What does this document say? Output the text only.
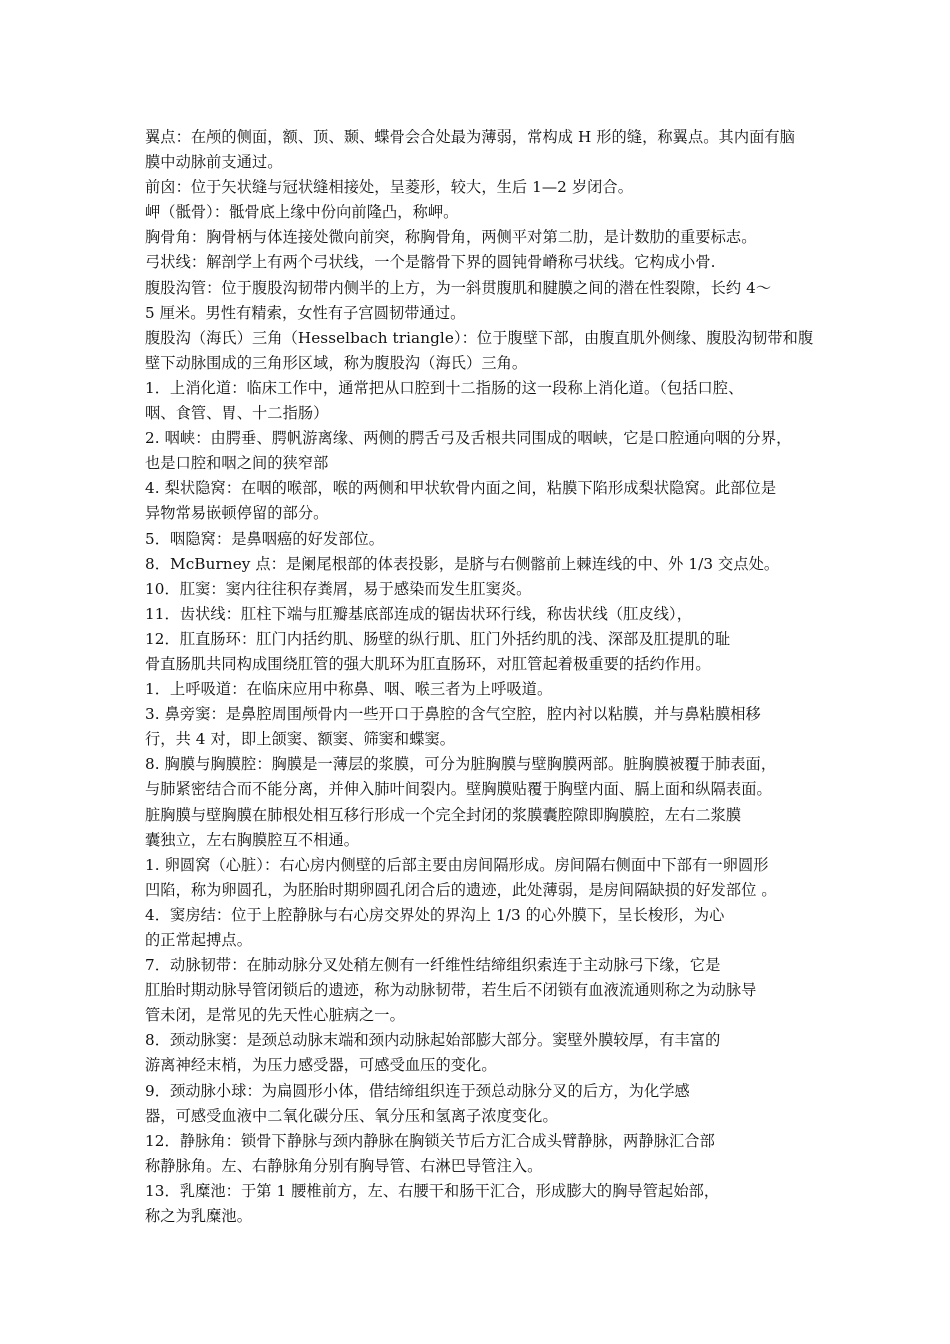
翼点：在颅的侧面，额、顶、颞、蝶骨会合处最为薄弱，常构成 H 形的缝，称翼点。其内面有脑
膜中动脉前支通过。
前囟：位于矢状缝与冠状缝相接处，呈菱形，较大，生后 1—2 岁闭合。
岬（骶骨）：骶骨底上缘中份向前隆凸，称岬。
胸骨角：胸骨柄与体连接处微向前突，称胸骨角，两侧平对第二肋，是计数肋的重要标志。
弓状线：解剖学上有两个弓状线，一个是髂骨下界的圆钝骨嵴称弓状线。它构成小骨.
腹股沟管：位于腹股沟韧带内侧半的上方，为一斜贯腹肌和腱膜之间的潜在性裂隙，长约 4～
5 厘米。男性有精索，女性有子宫圆韧带通过。
腹股沟（海氏）三角（Hesselbach triangle）：位于腹壁下部，由腹直肌外侧缘、腹股沟韧带和腹
壁下动脉围成的三角形区域，称为腹股沟（海氏）三角。
1．上消化道：临床工作中，通常把从口腔到十二指肠的这一段称上消化道。（包括口腔、
咽、食管、胃、十二指肠）
2. 咽峡：由腭垂、腭帆游离缘、两侧的腭舌弓及舌根共同围成的咽峡，它是口腔通向咽的分界，
也是口腔和咽之间的狭窄部
4. 梨状隐窝：在咽的喉部，喉的两侧和甲状软骨内面之间，粘膜下陷形成梨状隐窝。此部位是
异物常易嵌顿停留的部分。
5．咽隐窝：是鼻咽癌的好发部位。
8．McBurney 点：是阑尾根部的体表投影，是脐与右侧髂前上棘连线的中、外 1/3 交点处。
10．肛窦：窦内往往积存粪屑，易于感染而发生肛窦炎。
11．齿状线：肛柱下端与肛瓣基底部连成的锯齿状环行线，称齿状线（肛皮线），
12．肛直肠环：肛门内括约肌、肠壁的纵行肌、肛门外括约肌的浅、深部及肛提肌的耻
骨直肠肌共同构成围绕肛管的强大肌环为肛直肠环，对肛管起着极重要的括约作用。
1．上呼吸道：在临床应用中称鼻、咽、喉三者为上呼吸道。
3. 鼻旁窦：是鼻腔周围颅骨内一些开口于鼻腔的含气空腔，腔内衬以粘膜，并与鼻粘膜相移
行，共 4 对，即上颌窦、额窦、筛窦和蝶窦。
8. 胸膜与胸膜腔：胸膜是一薄层的浆膜，可分为脏胸膜与壁胸膜两部。脏胸膜被覆于肺表面，
与肺紧密结合而不能分离，并伸入肺叶间裂内。壁胸膜贴覆于胸壁内面、膈上面和纵隔表面。
脏胸膜与壁胸膜在肺根处相互移行形成一个完全封闭的浆膜囊腔隙即胸膜腔，左右二浆膜
囊独立，左右胸膜腔互不相通。
1. 卵圆窝（心脏）：右心房内侧壁的后部主要由房间隔形成。房间隔右侧面中下部有一卵圆形
凹陷，称为卵圆孔，为胚胎时期卵圆孔闭合后的遗迹，此处薄弱，是房间隔缺损的好发部位 。
4．窦房结：位于上腔静脉与右心房交界处的界沟上 1/3 的心外膜下，呈长梭形，为心
的正常起搏点。
7．动脉韧带：在肺动脉分叉处稍左侧有一纤维性结缔组织索连于主动脉弓下缘，它是
肛胎时期动脉导管闭锁后的遗迹，称为动脉韧带，若生后不闭锁有血液流通则称之为动脉导
管未闭，是常见的先天性心脏病之一。
8．颈动脉窦：是颈总动脉末端和颈内动脉起始部膨大部分。窦壁外膜较厚，有丰富的
游离神经末梢，为压力感受器，可感受血压的变化。
9．颈动脉小球：为扁圆形小体，借结缔组织连于颈总动脉分叉的后方，为化学感
器，可感受血液中二氧化碳分压、氧分压和氢离子浓度变化。
12．静脉角：锁骨下静脉与颈内静脉在胸锁关节后方汇合成头臂静脉，两静脉汇合部
称静脉角。左、右静脉角分别有胸导管、右淋巴导管注入。
13．乳糜池：于第 1 腰椎前方，左、右腰干和肠干汇合，形成膨大的胸导管起始部，
称之为乳糜池。
